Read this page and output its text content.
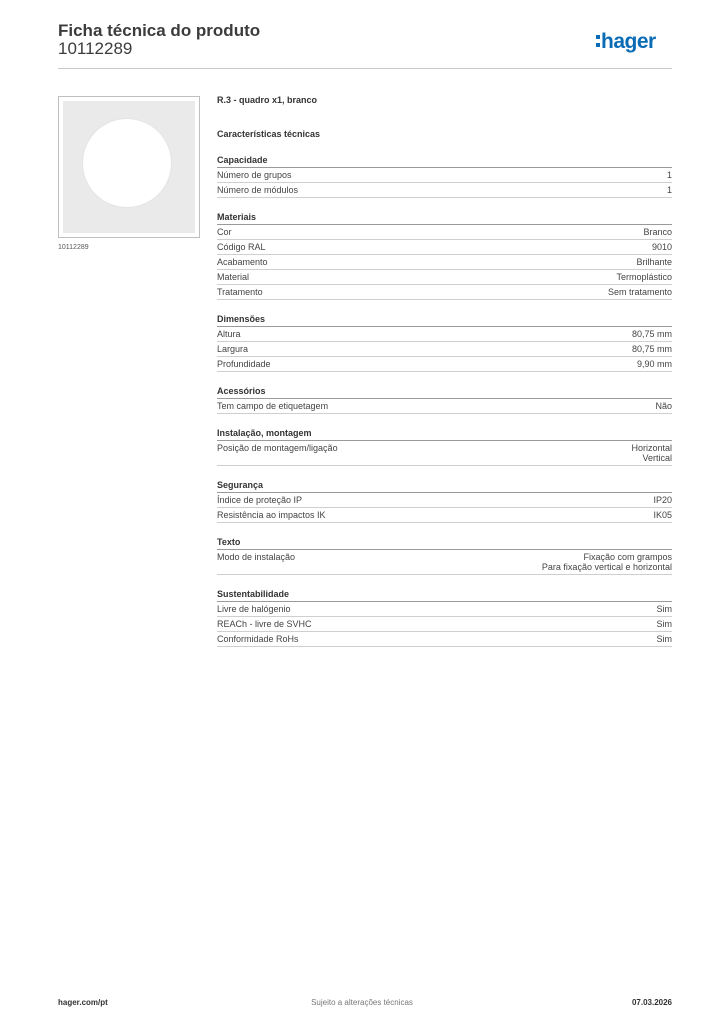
Ficha técnica do produto
10112289	hager
10112289
R.3 - quadro x1, branco
Características técnicas
Capacidade
Número de grupos	1
Número de módulos	1
Materiais
Cor	Branco
Código RAL	9010
Acabamento	Brilhante
Material	Termoplástico
Tratamento	Sem tratamento
Dimensões
Altura	80,75 mm
Largura	80,75 mm
Profundidade	9,90 mm
Acessórios
Tem campo de etiquetagem	Não
Instalação, montagem
Posição de montagem/ligação	Horizontal
Vertical
Segurança
Índice de proteção IP	IP20
Resistência ao impactos IK	IK05
Texto
Modo de instalação	Fixação com grampos
Para fixação vertical e horizontal
Sustentabilidade
Livre de halógenio	Sim
REACh - livre de SVHC	Sim
Conformidade RoHs	Sim
hager.com/pt	Sujeito a alterações técnicas	07.03.2026
